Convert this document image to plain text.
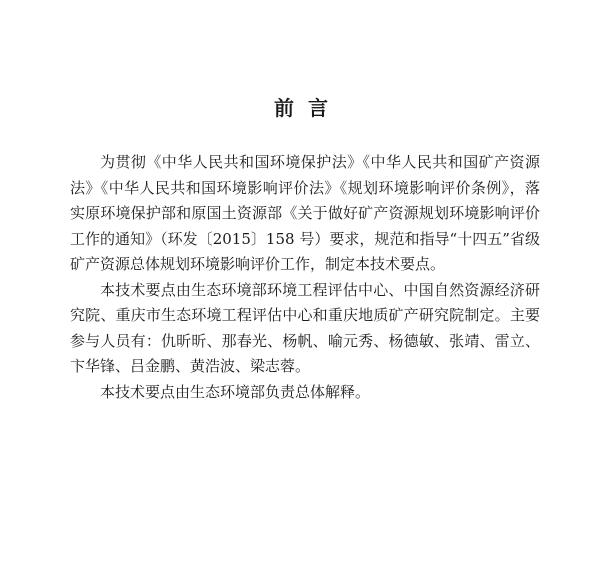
前言

为贯彻《中华人民共和国环境保护法》《中华人民共和国矿产资源法》《中华人民共和国环境影响评价法》《规划环境影响评价条例》，落实原环境保护部和原国土资源部《关于做好矿产资源规划环境影响评价工作的通知》（环发〔2015〕158 号）要求，规范和指导“十四五”省级矿产资源总体规划环境影响评价工作，制定本技术要点。

本技术要点由生态环境部环境工程评估中心、中国自然资源经济研究院、重庆市生态环境工程评估中心和重庆地质矿产研究院制定。主要参与人员有：仇昕昕、那春光、杨帆、喻元秀、杨德敏、张靖、雷立、卞华锋、吕金鹏、黄浩波、梁志蓉。

本技术要点由生态环境部负责总体解释。
